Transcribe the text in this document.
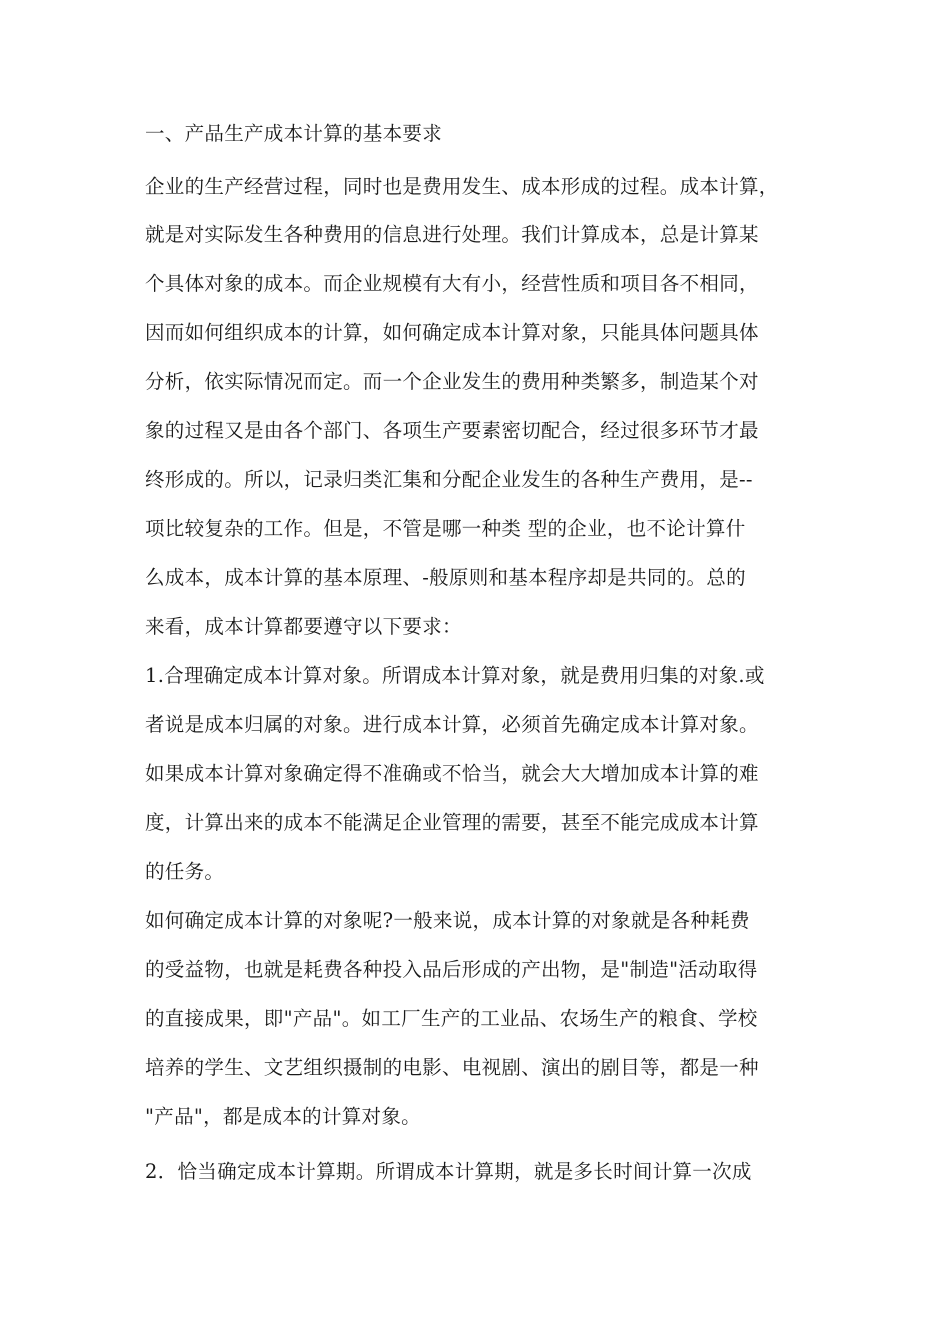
一、产品生产成本计算的基本要求
企业的生产经营过程，同时也是费用发生、成本形成的过程。成本计算，
就是对实际发生各种费用的信息进行处理。我们计算成本，总是计算某
个具体对象的成本。而企业规模有大有小，经营性质和项目各不相同，
因而如何组织成本的计算，如何确定成本计算对象，只能具体问题具体
分析，依实际情况而定。而一个企业发生的费用种类繁多，制造某个对
象的过程又是由各个部门、各项生产要素密切配合，经过很多环节才最
终形成的。所以，记录归类汇集和分配企业发生的各种生产费用，是--
项比较复杂的工作。但是，不管是哪一种类 型的企业，也不论计算什
么成本，成本计算的基本原理、-般原则和基本程序却是共同的。总的
来看，成本计算都要遵守以下要求：
1.合理确定成本计算对象。所谓成本计算对象，就是费用归集的对象.或
者说是成本归属的对象。进行成本计算，必须首先确定成本计算对象。
如果成本计算对象确定得不准确或不恰当，就会大大增加成本计算的难
度，计算出来的成本不能满足企业管理的需要，甚至不能完成成本计算
的任务。
如何确定成本计算的对象呢?一般来说，成本计算的对象就是各种耗费
的受益物，也就是耗费各种投入品后形成的产出物，是"制造"活动取得
的直接成果，即"产品"。如工厂生产的工业品、农场生产的粮食、学校
培养的学生、文艺组织摄制的电影、电视剧、演出的剧目等，都是一种
"产品"，都是成本的计算对象。
2．恰当确定成本计算期。所谓成本计算期，就是多长时间计算一次成
